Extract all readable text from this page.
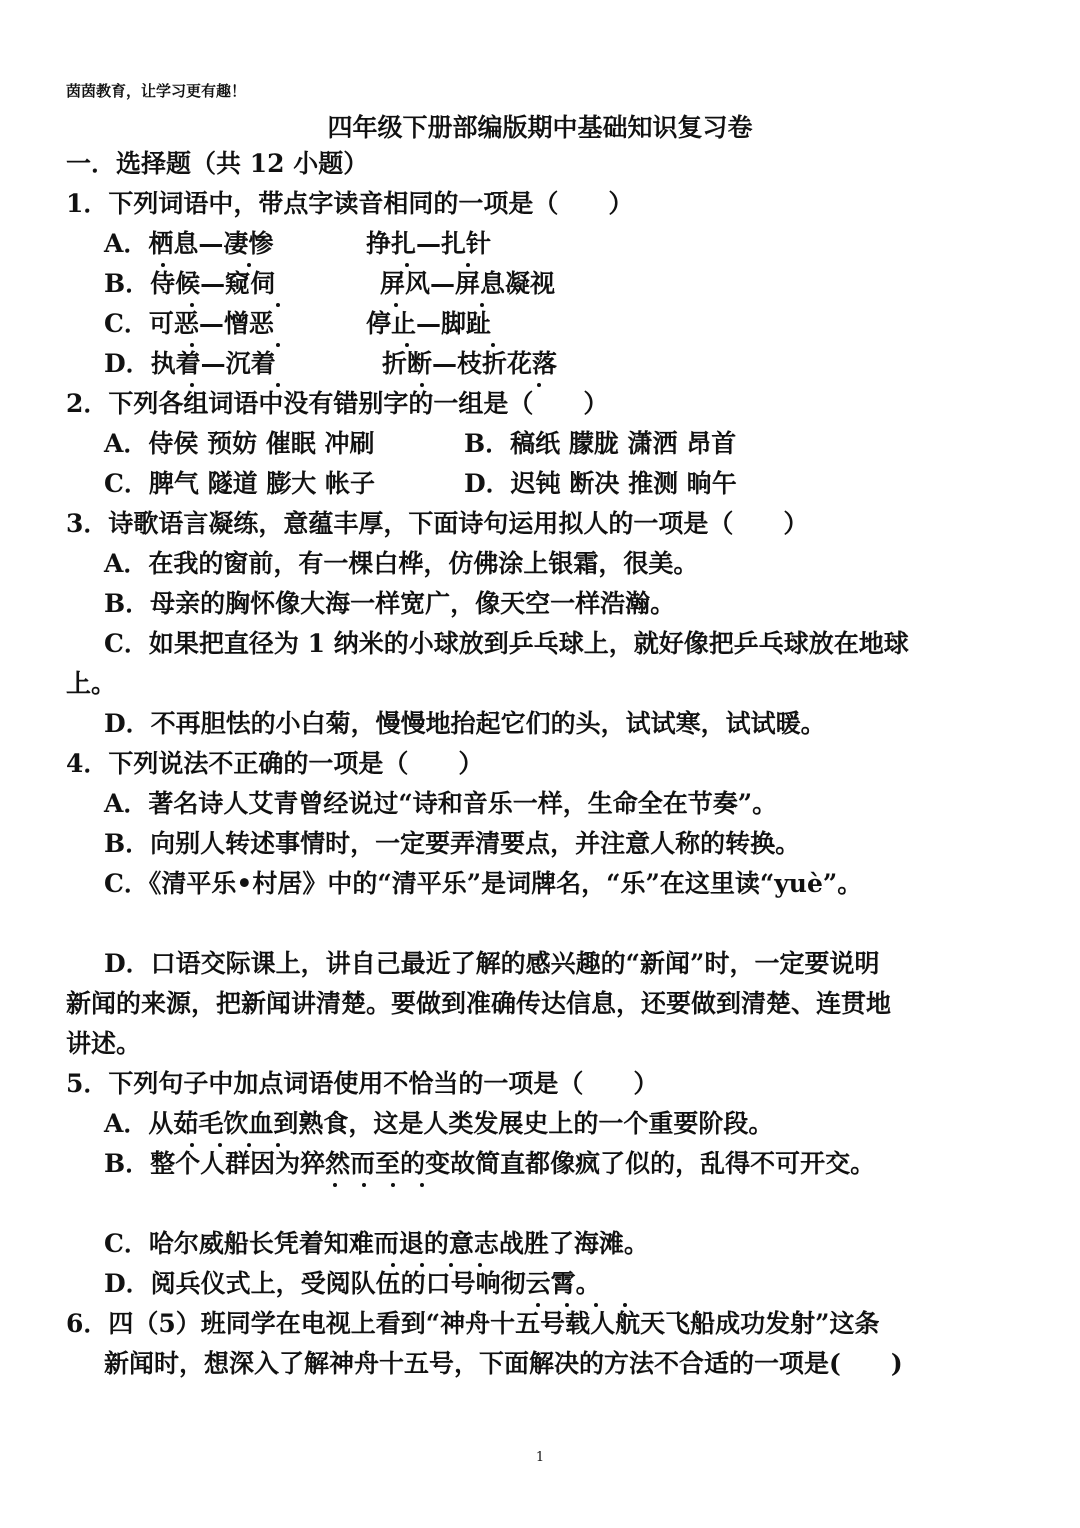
茵茵教育，让学习更有趣！
四年级下册部编版期中基础知识复习卷
一．选择题（共 12 小题）
1．下列词语中，带点字读音相同的一项是（　　）
A．栖息—凄惨	挣扎—扎针
B．侍候—窥伺	屏风—屏息凝视
C．可恶—憎恶	停止—脚趾
D．执着—沉着	折断—枝折花落
2．下列各组词语中没有错别字的一组是（　　）
A．侍侯 预妨 催眠 冲刷	B．稿纸 朦胧 潇洒 昂首
C．脾气 隧道 膨大 帐子	D．迟钝 断决 推测 晌午
3．诗歌语言凝练，意蕴丰厚，下面诗句运用拟人的一项是（　　）
A．在我的窗前，有一棵白桦，仿佛涂上银霜，很美。
B．母亲的胸怀像大海一样宽广，像天空一样浩瀚。
C．如果把直径为 1 纳米的小球放到乒乓球上，就好像把乒乓球放在地球
上。
D．不再胆怯的小白菊，慢慢地抬起它们的头，试试寒，试试暖。
4．下列说法不正确的一项是（　　）
A．著名诗人艾青曾经说过“诗和音乐一样，生命全在节奏”。
B．向别人转述事情时，一定要弄清要点，并注意人称的转换。
C．《清平乐•村居》中的“清平乐”是词牌名，“乐”在这里读“yuè”。
D．口语交际课上，讲自己最近了解的感兴趣的“新闻”时，一定要说明
新闻的来源，把新闻讲清楚。要做到准确传达信息，还要做到清楚、连贯地
讲述。
5．下列句子中加点词语使用不恰当的一项是（　　）
A．从茹毛饮血到熟食，这是人类发展史上的一个重要阶段。
B．整个人群因为猝然而至的变故简直都像疯了似的，乱得不可开交。
C．哈尔威船长凭着知难而退的意志战胜了海滩。
D．阅兵仪式上，受阅队伍的口号响彻云霄。
6．四（5）班同学在电视上看到“神舟十五号载人航天飞船成功发射”这条
新闻时，想深入了解神舟十五号，下面解决的方法不合适的一项是(　　)
1
